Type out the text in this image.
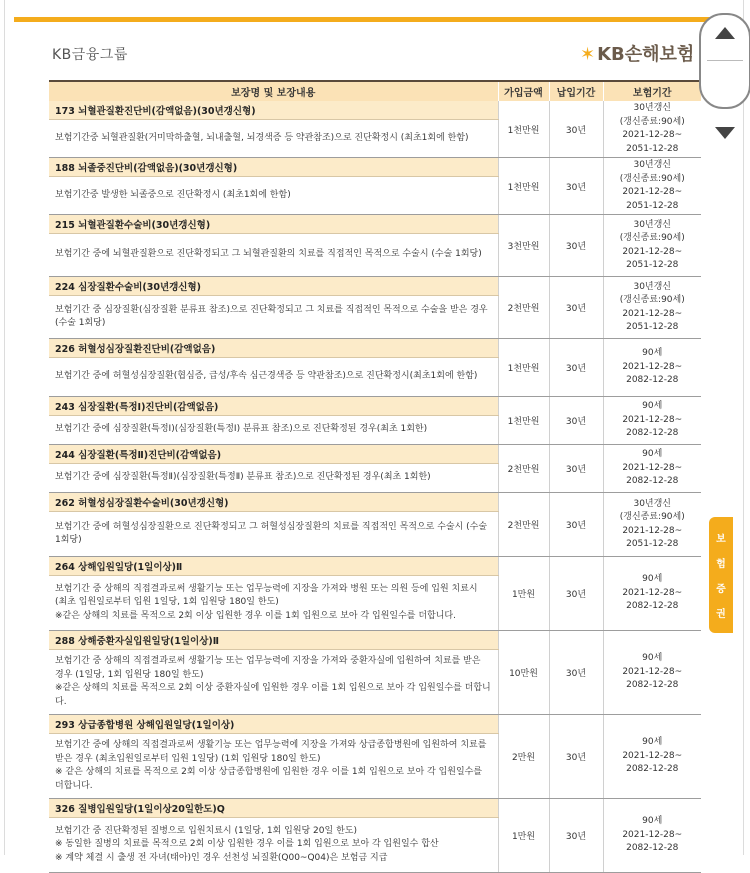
KB금융그룹	✶ KB손해보험
보장명 및 보장내용	가입금액	납입기간	보험기간
173 뇌혈관질환진단비(감액없음)(30년갱신형)	1천만원	30년	30년갱신
(갱신종료:90세)
2021-12-28~
2051-12-28

보험기간중 뇌혈관질환(거미막하출혈, 뇌내출혈, 뇌경색증 등 약관참조)으로 진단확정시 (최초1회에 한함)			

188 뇌졸중진단비(감액없음)(30년갱신형)	1천만원	30년	30년갱신
(갱신종료:90세)
2021-12-28~
2051-12-28

보험기간중 발생한 뇌졸중으로 진단확정시 (최초1회에 한함)			

215 뇌혈관질환수술비(30년갱신형)	3천만원	30년	30년갱신
(갱신종료:90세)
2021-12-28~
2051-12-28

보험기간 중에 뇌혈관질환으로 진단확정되고 그 뇌혈관질환의 치료를 직접적인 목적으로 수술시 (수술 1회당)			

224 심장질환수술비(30년갱신형)	2천만원	30년	30년갱신
(갱신종료:90세)
2021-12-28~
2051-12-28

보험기간 중 심장질환(심장질환 분류표 참조)으로 진단확정되고 그 치료를 직접적인 목적으로 수술을 받은 경우 (수술 1회당)			

226 허혈성심장질환진단비(감액없음)	1천만원	30년	90세
2021-12-28~
2082-12-28

보험기간 중에 허혈성심장질환(협심증, 급성/후속 심근경색증 등 약관참조)으로 진단확정시(최초1회에 한함)			

243 심장질환(특정Ⅰ)진단비(감액없음)	1천만원	30년	90세
2021-12-28~
2082-12-28

보험기간 중에 심장질환(특정Ⅰ)(심장질환(특정Ⅰ) 분류표 참조)으로 진단확정된 경우(최초 1회한)			

244 심장질환(특정Ⅱ)진단비(감액없음)	2천만원	30년	90세
2021-12-28~
2082-12-28

보험기간 중에 심장질환(특정Ⅱ)(심장질환(특정Ⅱ) 분류표 참조)으로 진단확정된 경우(최초 1회한)			

262 허혈성심장질환수술비(30년갱신형)	2천만원	30년	30년갱신
(갱신종료:90세)
2021-12-28~
2051-12-28

보험기간 중에 허혈성심장질환으로 진단확정되고 그 허혈성심장질환의 치료를 직접적인 목적으로 수술시 (수술 1회당)			

264 상해입원일당(1일이상)Ⅱ	1만원	30년	90세
2021-12-28~
2082-12-28

보험기간 중 상해의 직접결과로써 생활기능 또는 업무능력에 지장을 가져와 병원 또는 의원 등에 입원 치료시 (최초 입원일로부터 입원 1일당, 1회 입원당 180일 한도)
※같은 상해의 치료를 목적으로 2회 이상 입원한 경우 이를 1회 입원으로 보아 각 입원일수를 더합니다.			

288 상해중환자실입원일당(1일이상)Ⅱ	10만원	30년	90세
2021-12-28~
2082-12-28

보험기간 중 상해의 직접결과로써 생활기능 또는 업무능력에 지장을 가져와 중환자실에 입원하여 치료를 받은 경우 (1일당, 1회 입원당 180일 한도)
※같은 상해의 치료를 목적으로 2회 이상 중환자실에 입원한 경우 이를 1회 입원으로 보아 각 입원일수를 더합니다.			

293 상급종합병원 상해입원일당(1일이상)	2만원	30년	90세
2021-12-28~
2082-12-28

보험기간 중에 상해의 직접결과로써 생활기능 또는 업무능력에 지장을 가져와 상급종합병원에 입원하여 치료를 받은 경우 (최초입원일로부터 입원 1일당) (1회 입원당 180일 한도)
※ 같은 상해의 치료를 목적으로 2회 이상 상급종합병원에 입원한 경우 이를 1회 입원으로 보아 각 입원일수를 더합니다.			

326 질병입원일당(1일이상20일한도)Q	1만원	30년	90세
2021-12-28~
2082-12-28

보험기간 중 진단확정된 질병으로 입원치료시 (1일당, 1회 입원당 20일 한도)
※ 동일한 질병의 치료를 목적으로 2회 이상 입원한 경우 이를 1회 입원으로 보아 각 입원일수 합산
※ 계약 체결 시 출생 전 자녀(태아)인 경우 선천성 뇌질환(Q00~Q04)은 보험금 지급			
보
험
증
권
